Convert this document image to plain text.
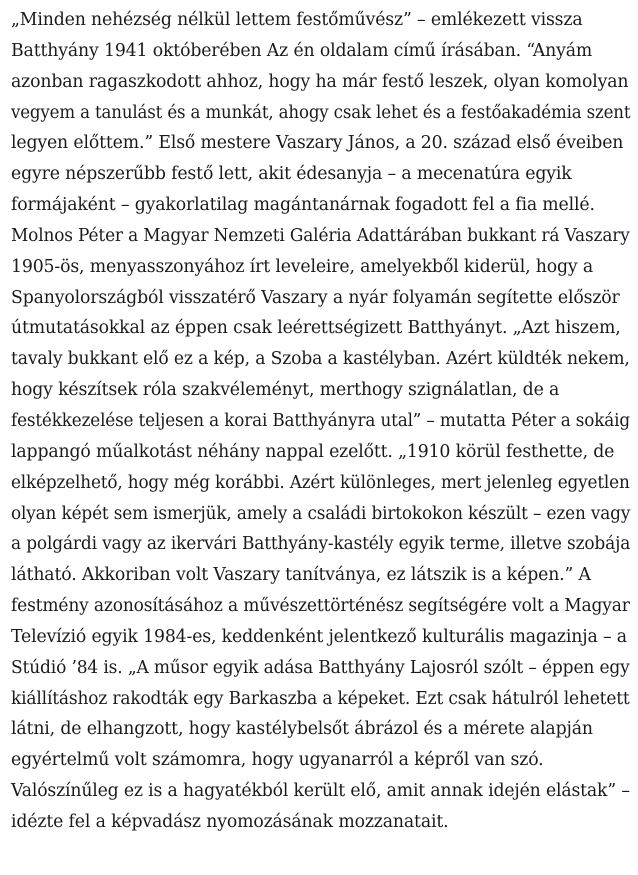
„Minden nehézség nélkül lettem festőművész” – emlékezett vissza
Batthyány 1941 októberében Az én oldalam című írásában. “Anyám
azonban ragaszkodott ahhoz, hogy ha már festő leszek, olyan komolyan
vegyem a tanulást és a munkát, ahogy csak lehet és a festőakadémia szent
legyen előttem.” Első mestere Vaszary János, a 20. század első éveiben
egyre népszerűbb festő lett, akit édesanyja – a mecenatúra egyik
formájaként – gyakorlatilag magántanárnak fogadott fel a fia mellé.
Molnos Péter a Magyar Nemzeti Galéria Adattárában bukkant rá Vaszary
1905-ös, menyasszonyához írt leveleire, amelyekből kiderül, hogy a
Spanyolországból visszatérő Vaszary a nyár folyamán segítette először
útmutatásokkal az éppen csak leérettségizett Batthyányt. „Azt hiszem,
tavaly bukkant elő ez a kép, a Szoba a kastélyban. Azért küldték nekem,
hogy készítsek róla szakvéleményt, merthogy szignálatlan, de a
festékkezelése teljesen a korai Batthyányra utal” – mutatta Péter a sokáig
lappangó műalkotást néhány nappal ezelőtt. „1910 körül festhette, de
elképzelhető, hogy még korábbi. Azért különleges, mert jelenleg egyetlen
olyan képét sem ismerjük, amely a családi birtokokon készült – ezen vagy
a polgárdi vagy az ikervári Batthyány-kastély egyik terme, illetve szobája
látható. Akkoriban volt Vaszary tanítványa, ez látszik is a képen.” A
festmény azonosításához a művészettörténész segítségére volt a Magyar
Televízió egyik 1984-es, keddenként jelentkező kulturális magazinja – a
Stúdió ’84 is. „A műsor egyik adása Batthyány Lajosról szólt – éppen egy
kiállításhoz rakodták egy Barkaszba a képeket. Ezt csak hátulról lehetett
látni, de elhangzott, hogy kastélybelsőt ábrázol és a mérete alapján
egyértelmű volt számomra, hogy ugyanarról a képről van szó.
Valószínűleg ez is a hagyatékból került elő, amit annak idején elástak” –
idézte fel a képvadász nyomozásának mozzanatait.
